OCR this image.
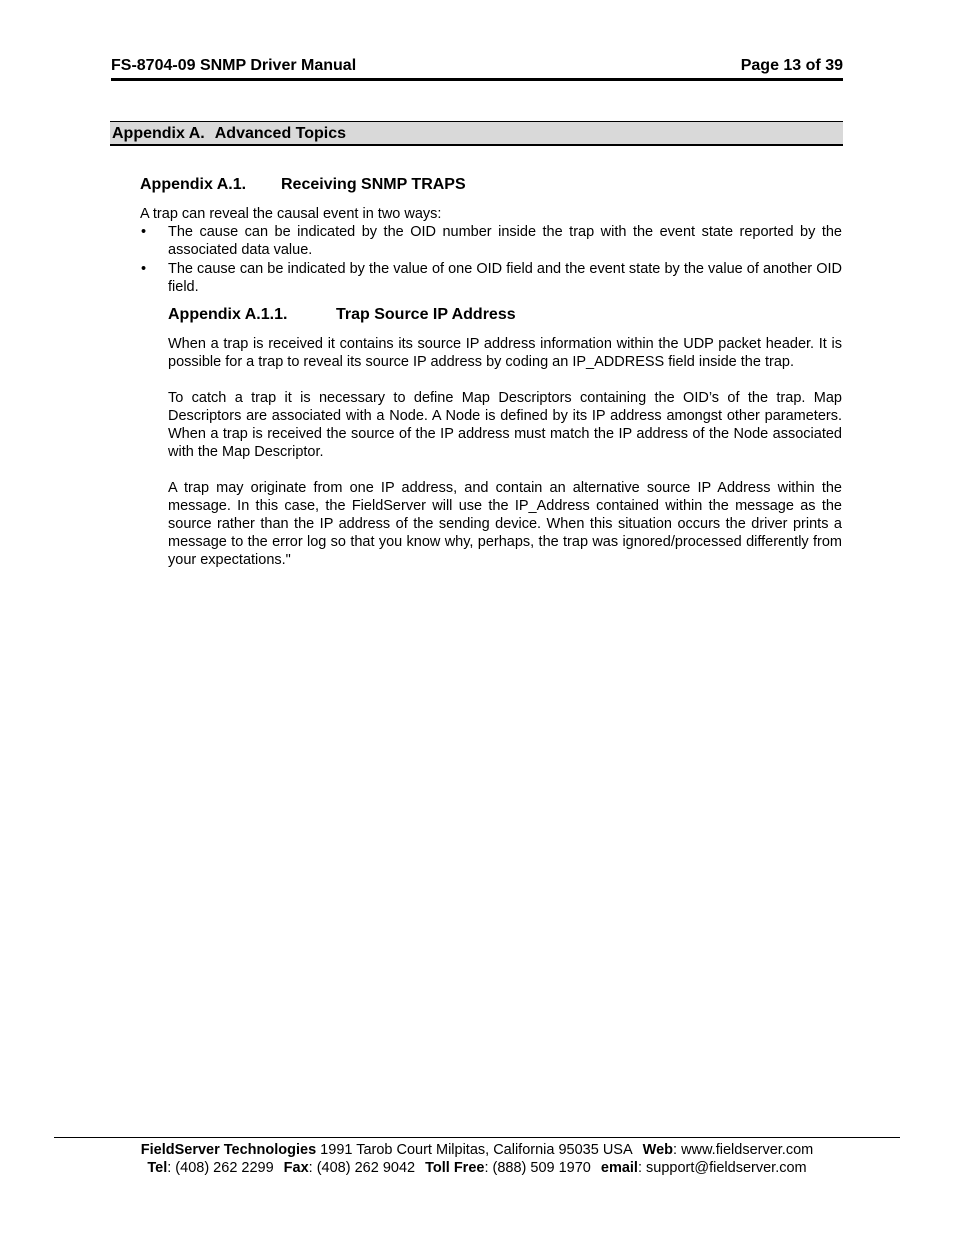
FS-8704-09 SNMP Driver Manual	Page 13 of 39
Appendix A. Advanced Topics
Appendix A.1. Receiving SNMP TRAPS
A trap can reveal the causal event in two ways:
• The cause can be indicated by the OID number inside the trap with the event state reported by the associated data value.
• The cause can be indicated by the value of one OID field and the event state by the value of another OID field.
Appendix A.1.1.	Trap Source IP Address

When a trap is received it contains its source IP address information within the UDP packet header. It is possible for a trap to reveal its source IP address by coding an IP_ADDRESS field inside the trap.

To catch a trap it is necessary to define Map Descriptors containing the OID’s of the trap. Map Descriptors are associated with a Node. A Node is defined by its IP address amongst other parameters. When a trap is received the source of the IP address must match the IP address of the Node associated with the Map Descriptor.

A trap may originate from one IP address, and contain an alternative source IP Address within the message. In this case, the FieldServer will use the IP_Address contained within the message as the source rather than the IP address of the sending device. When this situation occurs the driver prints a message to the error log so that you know why, perhaps, the trap was ignored/processed differently from your expectations."

FieldServer Technologies 1991 Tarob Court Milpitas, California 95035 USA Web: www.fieldserver.com
Tel: (408) 262 2299 Fax: (408) 262 9042 Toll Free: (888) 509 1970 email: support@fieldserver.com
